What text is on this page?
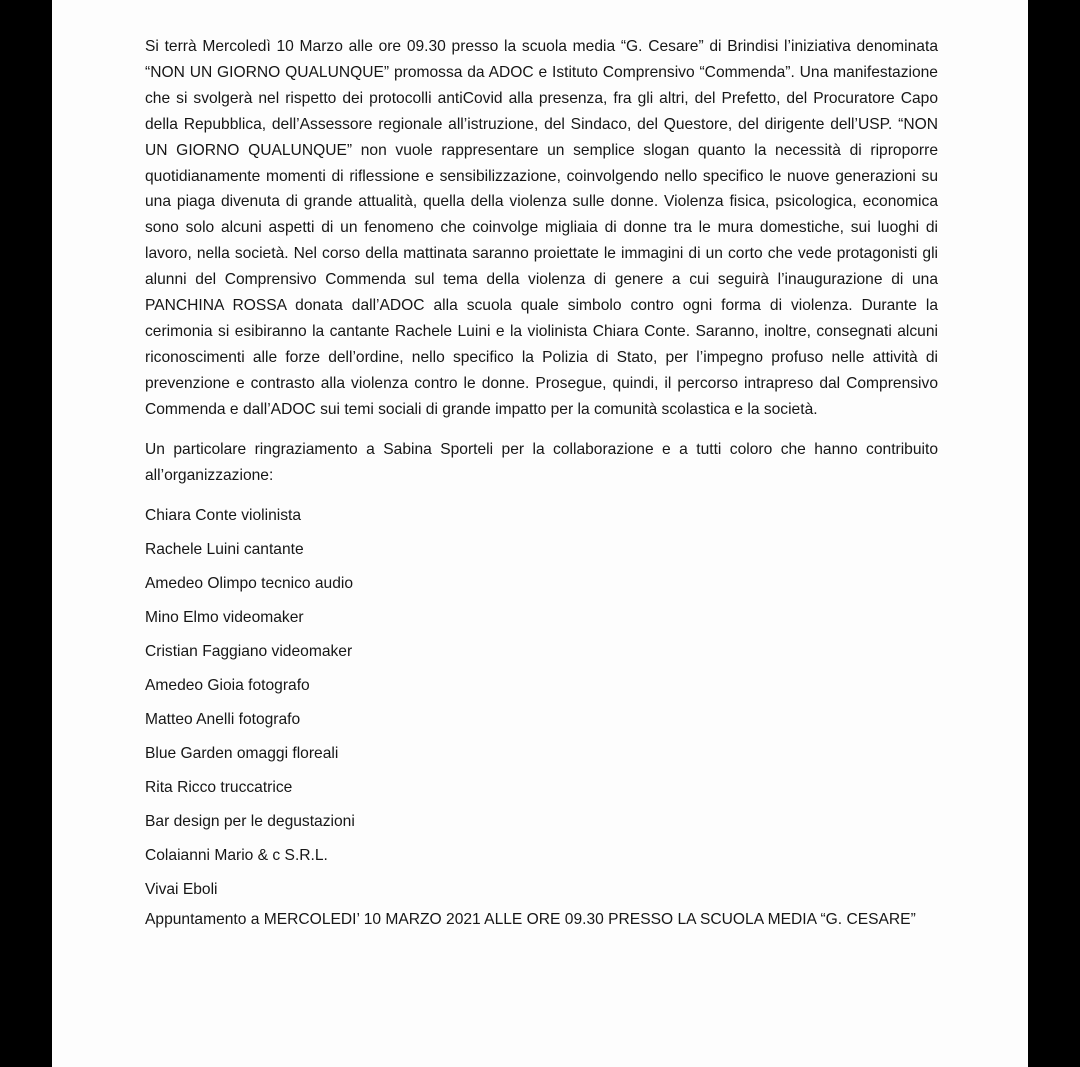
Si terrà Mercoledì 10 Marzo alle ore 09.30 presso la scuola media “G. Cesare” di Brindisi l’iniziativa denominata “NON UN GIORNO QUALUNQUE” promossa da ADOC e Istituto Comprensivo “Commenda”. Una manifestazione che si svolgerà nel rispetto dei protocolli antiCovid alla presenza, fra gli altri, del Prefetto, del Procuratore Capo della Repubblica, dell’Assessore regionale all’istruzione, del Sindaco, del Questore, del dirigente dell’USP. “NON UN GIORNO QUALUNQUE” non vuole rappresentare un semplice slogan quanto la necessità di riproporre quotidianamente momenti di riflessione e sensibilizzazione, coinvolgendo nello specifico le nuove generazioni su una piaga divenuta di grande attualità, quella della violenza sulle donne. Violenza fisica, psicologica, economica sono solo alcuni aspetti di un fenomeno che coinvolge migliaia di donne tra le mura domestiche, sui luoghi di lavoro, nella società. Nel corso della mattinata saranno proiettate le immagini di un corto che vede protagonisti gli alunni del Comprensivo Commenda sul tema della violenza di genere a cui seguirà l’inaugurazione di una PANCHINA ROSSA donata dall’ADOC alla scuola quale simbolo contro ogni forma di violenza. Durante la cerimonia si esibiranno la cantante Rachele Luini e la violinista Chiara Conte. Saranno, inoltre, consegnati alcuni riconoscimenti alle forze dell’ordine, nello specifico la Polizia di Stato, per l’impegno profuso nelle attività di prevenzione e contrasto alla violenza contro le donne. Prosegue, quindi, il percorso intrapreso dal Comprensivo Commenda e dall’ADOC sui temi sociali di grande impatto per la comunità scolastica e la società.

Un particolare ringraziamento a Sabina Sporteli per la collaborazione e a tutti coloro che hanno contribuito all’organizzazione:

Chiara Conte violinista
Rachele Luini cantante
Amedeo Olimpo tecnico audio
Mino Elmo videomaker
Cristian Faggiano videomaker
Amedeo Gioia fotografo
Matteo Anelli fotografo
Blue Garden omaggi floreali
Rita Ricco truccatrice
Bar design per le degustazioni
Colaianni Mario & c S.R.L.
Vivai Eboli

Appuntamento a MERCOLEDI’ 10 MARZO 2021 ALLE ORE 09.30 PRESSO LA SCUOLA MEDIA “G. CESARE”
